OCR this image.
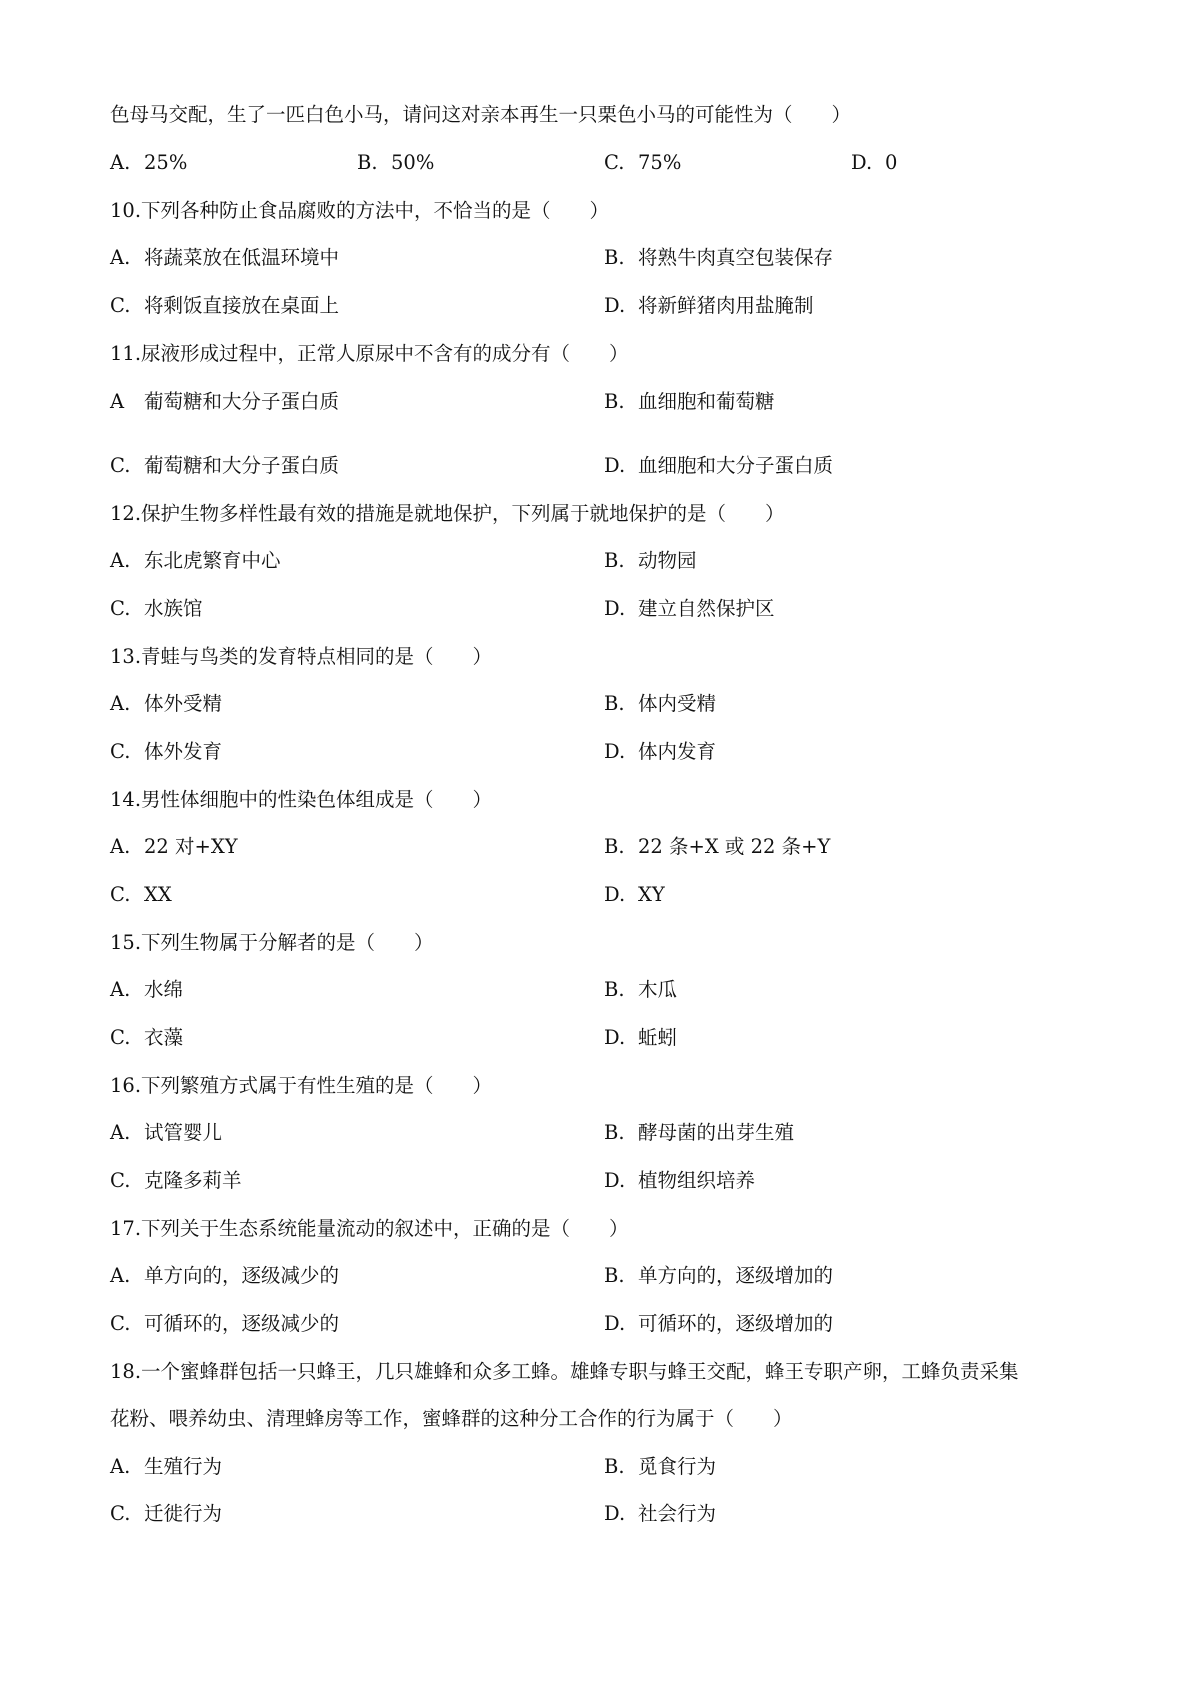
色母马交配，生了一匹白色小马，请问这对亲本再生一只栗色小马的可能性为（　　）
A. 25%	B. 50%	C. 75%	D. 0
10.下列各种防止食品腐败的方法中，不恰当的是（　　）
A. 将蔬菜放在低温环境中	B. 将熟牛肉真空包装保存
C. 将剩饭直接放在桌面上	D. 将新鲜猪肉用盐腌制
11.尿液形成过程中，正常人原尿中不含有的成分有（　　）
A 葡萄糖和大分子蛋白质	B. 血细胞和葡萄糖
C. 葡萄糖和大分子蛋白质	D. 血细胞和大分子蛋白质
12.保护生物多样性最有效的措施是就地保护，下列属于就地保护的是（　　）
A. 东北虎繁育中心	B. 动物园
C. 水族馆	D. 建立自然保护区
13.青蛙与鸟类的发育特点相同的是（　　）
A. 体外受精	B. 体内受精
C. 体外发育	D. 体内发育
14.男性体细胞中的性染色体组成是（　　）
A. 22 对+XY	B. 22 条+X 或 22 条+Y
C. XX	D. XY
15.下列生物属于分解者的是（　　）
A. 水绵	B. 木瓜
C. 衣藻	D. 蚯蚓
16.下列繁殖方式属于有性生殖的是（　　）
A. 试管婴儿	B. 酵母菌的出芽生殖
C. 克隆多莉羊	D. 植物组织培养
17.下列关于生态系统能量流动的叙述中，正确的是（　　）
A. 单方向的，逐级减少的	B. 单方向的，逐级增加的
C. 可循环的，逐级减少的	D. 可循环的，逐级增加的
18.一个蜜蜂群包括一只蜂王，几只雄蜂和众多工蜂。雄蜂专职与蜂王交配，蜂王专职产卵，工蜂负责采集
花粉、喂养幼虫、清理蜂房等工作，蜜蜂群的这种分工合作的行为属于（　　）
A. 生殖行为	B. 觅食行为
C. 迁徙行为	D. 社会行为
